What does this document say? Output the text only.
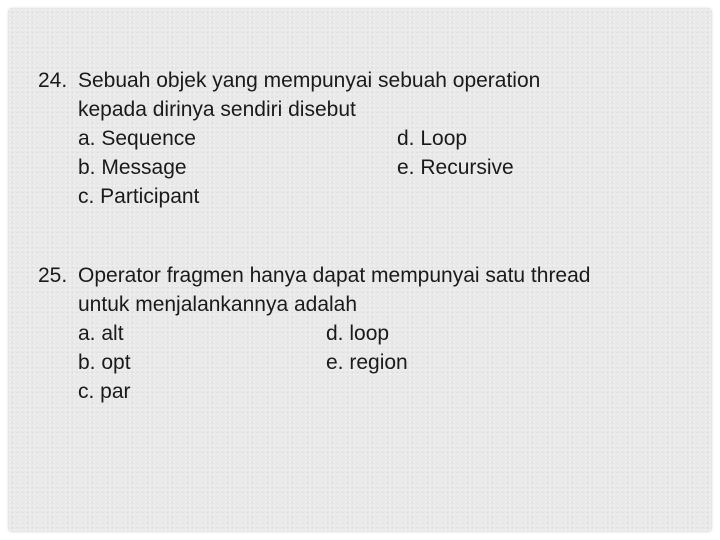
24. Sebuah objek yang mempunyai sebuah operation
kepada dirinya sendiri disebut
a. Sequence	d. Loop
b. Message	e. Recursive
c. Participant
25. Operator fragmen hanya dapat mempunyai satu thread
untuk menjalankannya adalah
a. alt	d. loop
b. opt	e. region
c. par
